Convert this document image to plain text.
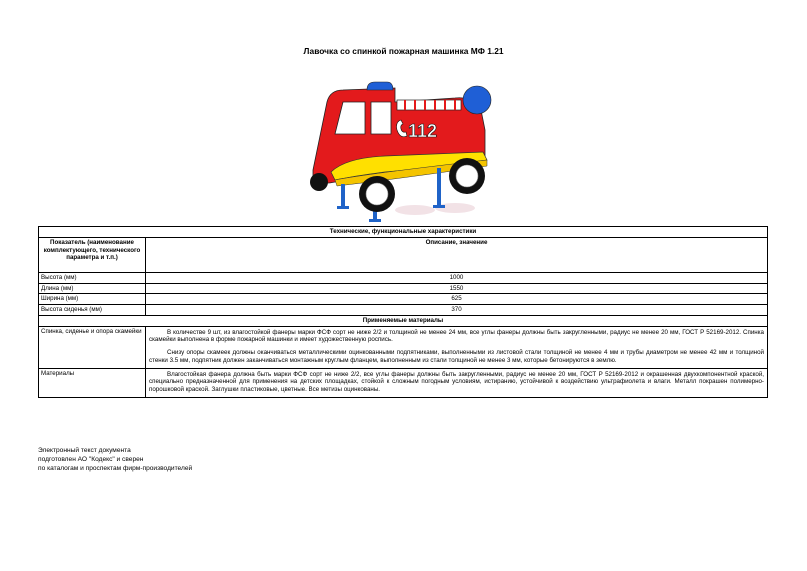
Лавочка со спинкой пожарная машинка МФ 1.21
112
Технические, функциональные характеристики	
Показатель (наименование комплектующего, технического параметра и т.п.)	Описание, значение
Высота (мм)	1000
Длина (мм)	1550
Ширина (мм)	625
Высота сиденья (мм)	370
Применяемые материалы	
Спинка, сиденье и опора скамейки	В количестве 9 шт, из влагостойкой фанеры марки ФСФ сорт не ниже 2/2 и толщиной не менее 24 мм, все углы фанеры должны быть закругленными, радиус не менее 20 мм, ГОСТ Р 52169-2012. Спинка скамейки выполнена в форме пожарной машинки и имеет художественную роспись.

Снизу опоры скамеек должны оканчиваться металлическими оцинкованными подпятниками, выполненными из листовой стали толщиной не менее 4 мм и трубы диаметром не менее 42 мм и толщиной стенки 3.5 мм, подпятник должен заканчиваться монтажным круглым фланцем, выполненным из стали толщиной не менее 3 мм, которые бетонируются в землю.

Материалы	Влагостойкая фанера должна быть марки ФСФ сорт не ниже 2/2, все углы фанеры должны быть закругленными, радиус не менее 20 мм, ГОСТ Р 52169-2012 и окрашенная двухкомпонентной краской, специально предназначенной для применения на детских площадках, стойкой к сложным погодным условиям, истиранию, устойчивой к воздействию ультрафиолета и влаги. Металл покрашен полимерно-порошковой краской. Заглушки пластиковые, цветные. Все метизы оцинкованы.

Электронный текст документа
подготовлен АО "Кодекс" и сверен
по каталогам и проспектам фирм-производителей
